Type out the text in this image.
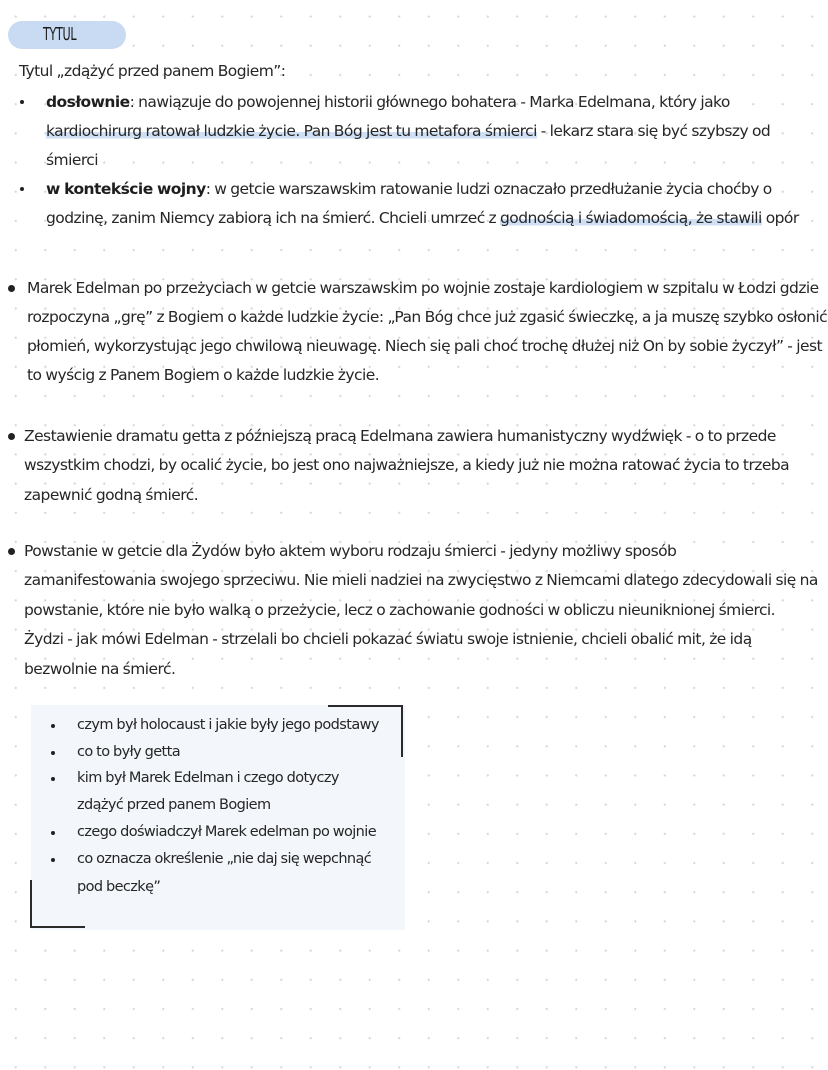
TYTUL
Tytul „zdążyć przed panem Bogiem”:
dosłownie: nawiązuje do powojennej historii głównego bohatera - Marka Edelmana, który jako
kardiochirurg ratował ludzkie życie. Pan Bóg jest tu metafora śmierci - lekarz stara się być szybszy od
śmierci
w kontekście wojny: w getcie warszawskim ratowanie ludzi oznaczało przedłużanie życia choćby o
godzinę, zanim Niemcy zabiorą ich na śmierć. Chcieli umrzeć z godnością i świadomością, że stawili opór
Marek Edelman po przeżyciach w getcie warszawskim po wojnie zostaje kardiologiem w szpitalu w Łodzi gdzie
rozpoczyna „grę” z Bogiem o każde ludzkie życie: „Pan Bóg chce już zgasić świeczkę, a ja muszę szybko osłonić
płomień, wykorzystując jego chwilową nieuwagę. Niech się pali choć trochę dłużej niż On by sobie życzył” - jest
to wyścig z Panem Bogiem o każde ludzkie życie.
Zestawienie dramatu getta z późniejszą pracą Edelmana zawiera humanistyczny wydźwięk - o to przede
wszystkim chodzi, by ocalić życie, bo jest ono najważniejsze, a kiedy już nie można ratować życia to trzeba
zapewnić godną śmierć.
Powstanie w getcie dla Żydów było aktem wyboru rodzaju śmierci - jedyny możliwy sposób
zamanifestowania swojego sprzeciwu. Nie mieli nadziei na zwycięstwo z Niemcami dlatego zdecydowali się na
powstanie, które nie było walką o przeżycie, lecz o zachowanie godności w obliczu nieuniknionej śmierci.
Żydzi - jak mówi Edelman - strzelali bo chcieli pokazać światu swoje istnienie, chcieli obalić mit, że idą
bezwolnie na śmierć.
czym był holocaust i jakie były jego podstawy
co to były getta
kim był Marek Edelman i czego dotyczy
zdążyć przed panem Bogiem
czego doświadczył Marek edelman po wojnie
co oznacza określenie „nie daj się wepchnąć
pod beczkę”
